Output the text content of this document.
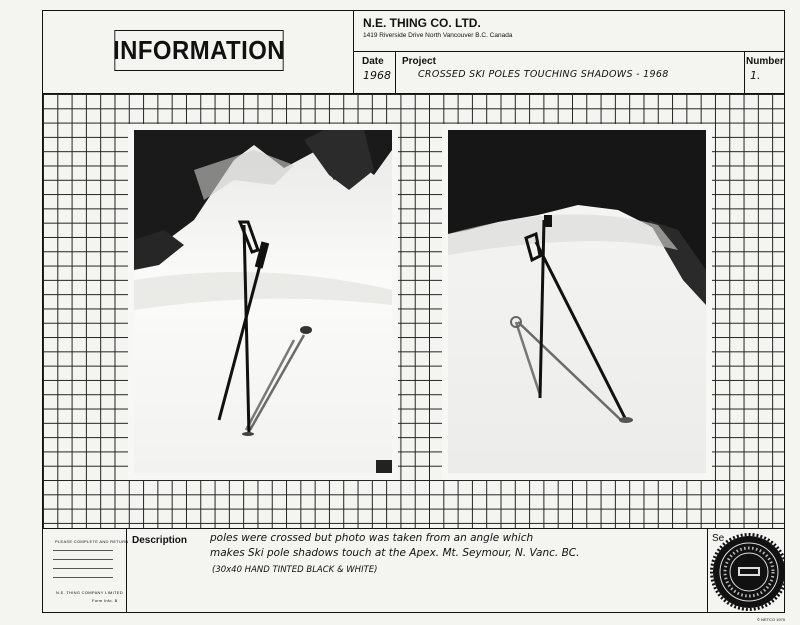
INFORMATION
N.E. THING CO. LTD.
1419 Riverside Drive North Vancouver B.C. Canada
Date
1968
Project
CROSSED SKI POLES TOUCHING SHADOWS - 1968
Number
1.
PLEASE COMPLETE AND RETURN
N.E. THING COMPANY LIMITED
Form Info. B
Description poles were crossed but photo was taken from an angle which
makes Ski pole shadows touch at the Apex. Mt. Seymour, N. Vanc. BC.
(30x40 HAND TINTED BLACK & WHITE)
Se
© NETCO 1970
